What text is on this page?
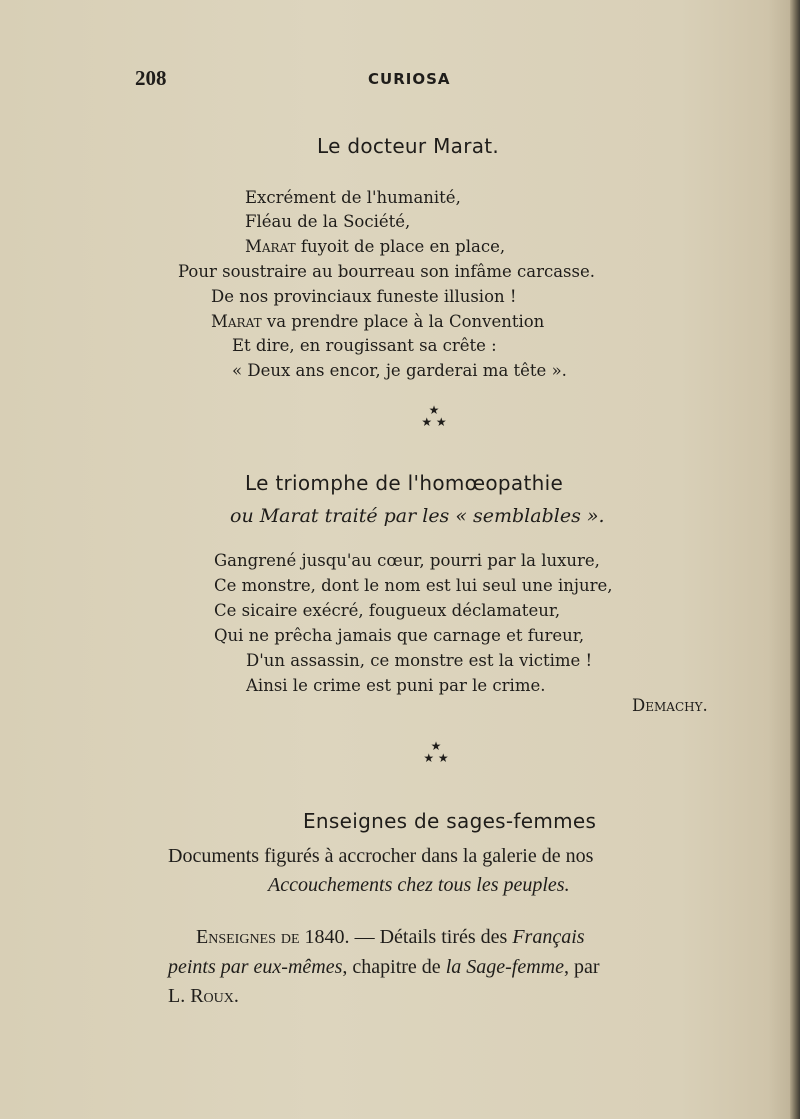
208	CURIOSA
Le docteur Marat.
Excrément de l'humanité,
Fléau de la Société,
Marat fuyoit de place en place,
Pour soustraire au bourreau son infâme carcasse.
De nos provinciaux funeste illusion !
Marat va prendre place à la Convention
Et dire, en rougissant sa crête :
« Deux ans encor, je garderai ma tête ».
★
★ ★
Le triomphe de l'homœopathie
ou Marat traité par les « semblables ».
Gangrené jusqu'au cœur, pourri par la luxure,
Ce monstre, dont le nom est lui seul une injure,
Ce sicaire exécré, fougueux déclamateur,
Qui ne prêcha jamais que carnage et fureur,
D'un assassin, ce monstre est la victime !
Ainsi le crime est puni par le crime.
Demachy.
★
★ ★
Enseignes de sages-femmes
Documents figurés à accrocher dans la galerie de nos
Accouchements chez tous les peuples.
Enseignes de 1840. — Détails tirés des Français
peints par eux-mêmes, chapitre de la Sage-femme, par
L. Roux.
